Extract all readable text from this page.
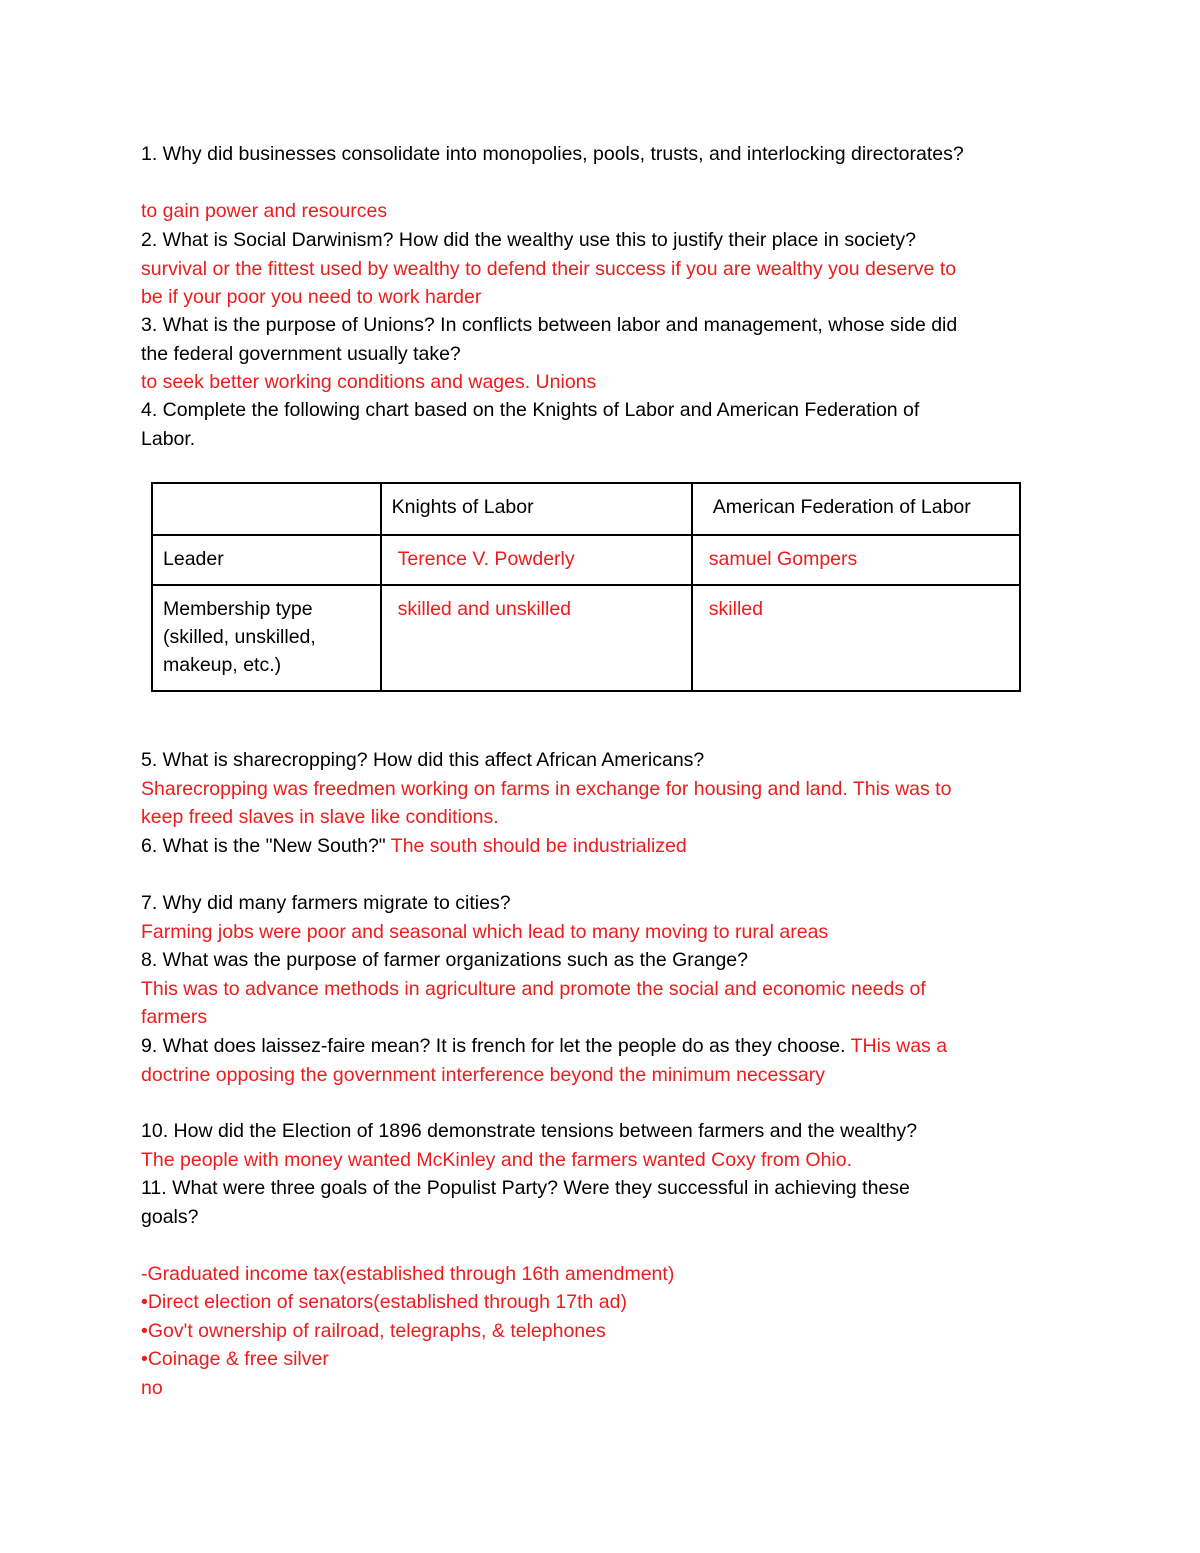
1. Why did businesses consolidate into monopolies, pools, trusts, and interlocking directorates?
to gain power and resources
2. What is Social Darwinism? How did the wealthy use this to justify their place in society?
survival or the fittest used by wealthy to defend their success if you are wealthy you deserve to
be if your poor you need to work harder
3. What is the purpose of Unions? In conflicts between labor and management, whose side did
the federal government usually take?
to seek better working conditions and wages. Unions
4. Complete the following chart based on the Knights of Labor and American Federation of
Labor.

	Knights of Labor	American Federation of Labor

Leader	Terence V. Powderly	samuel Gompers

Membership type
(skilled, unskilled,
makeup, etc.)	skilled and unskilled	skilled
5. What is sharecropping? How did this affect African Americans?
Sharecropping was freedmen working on farms in exchange for housing and land. This was to
keep freed slaves in slave like conditions.
6. What is the "New South?" The south should be industrialized
7. Why did many farmers migrate to cities?
Farming jobs were poor and seasonal which lead to many moving to rural areas
8. What was the purpose of farmer organizations such as the Grange?
This was to advance methods in agriculture and promote the social and economic needs of
farmers
9. What does laissez-faire mean? It is french for let the people do as they choose. THis was a
doctrine opposing the government interference beyond the minimum necessary
10. How did the Election of 1896 demonstrate tensions between farmers and the wealthy?
The people with money wanted McKinley and the farmers wanted Coxy from Ohio.
11. What were three goals of the Populist Party? Were they successful in achieving these
goals?
-Graduated income tax(established through 16th amendment)
•Direct election of senators(established through 17th ad)
•Gov't ownership of railroad, telegraphs, & telephones
•Coinage & free silver
no
